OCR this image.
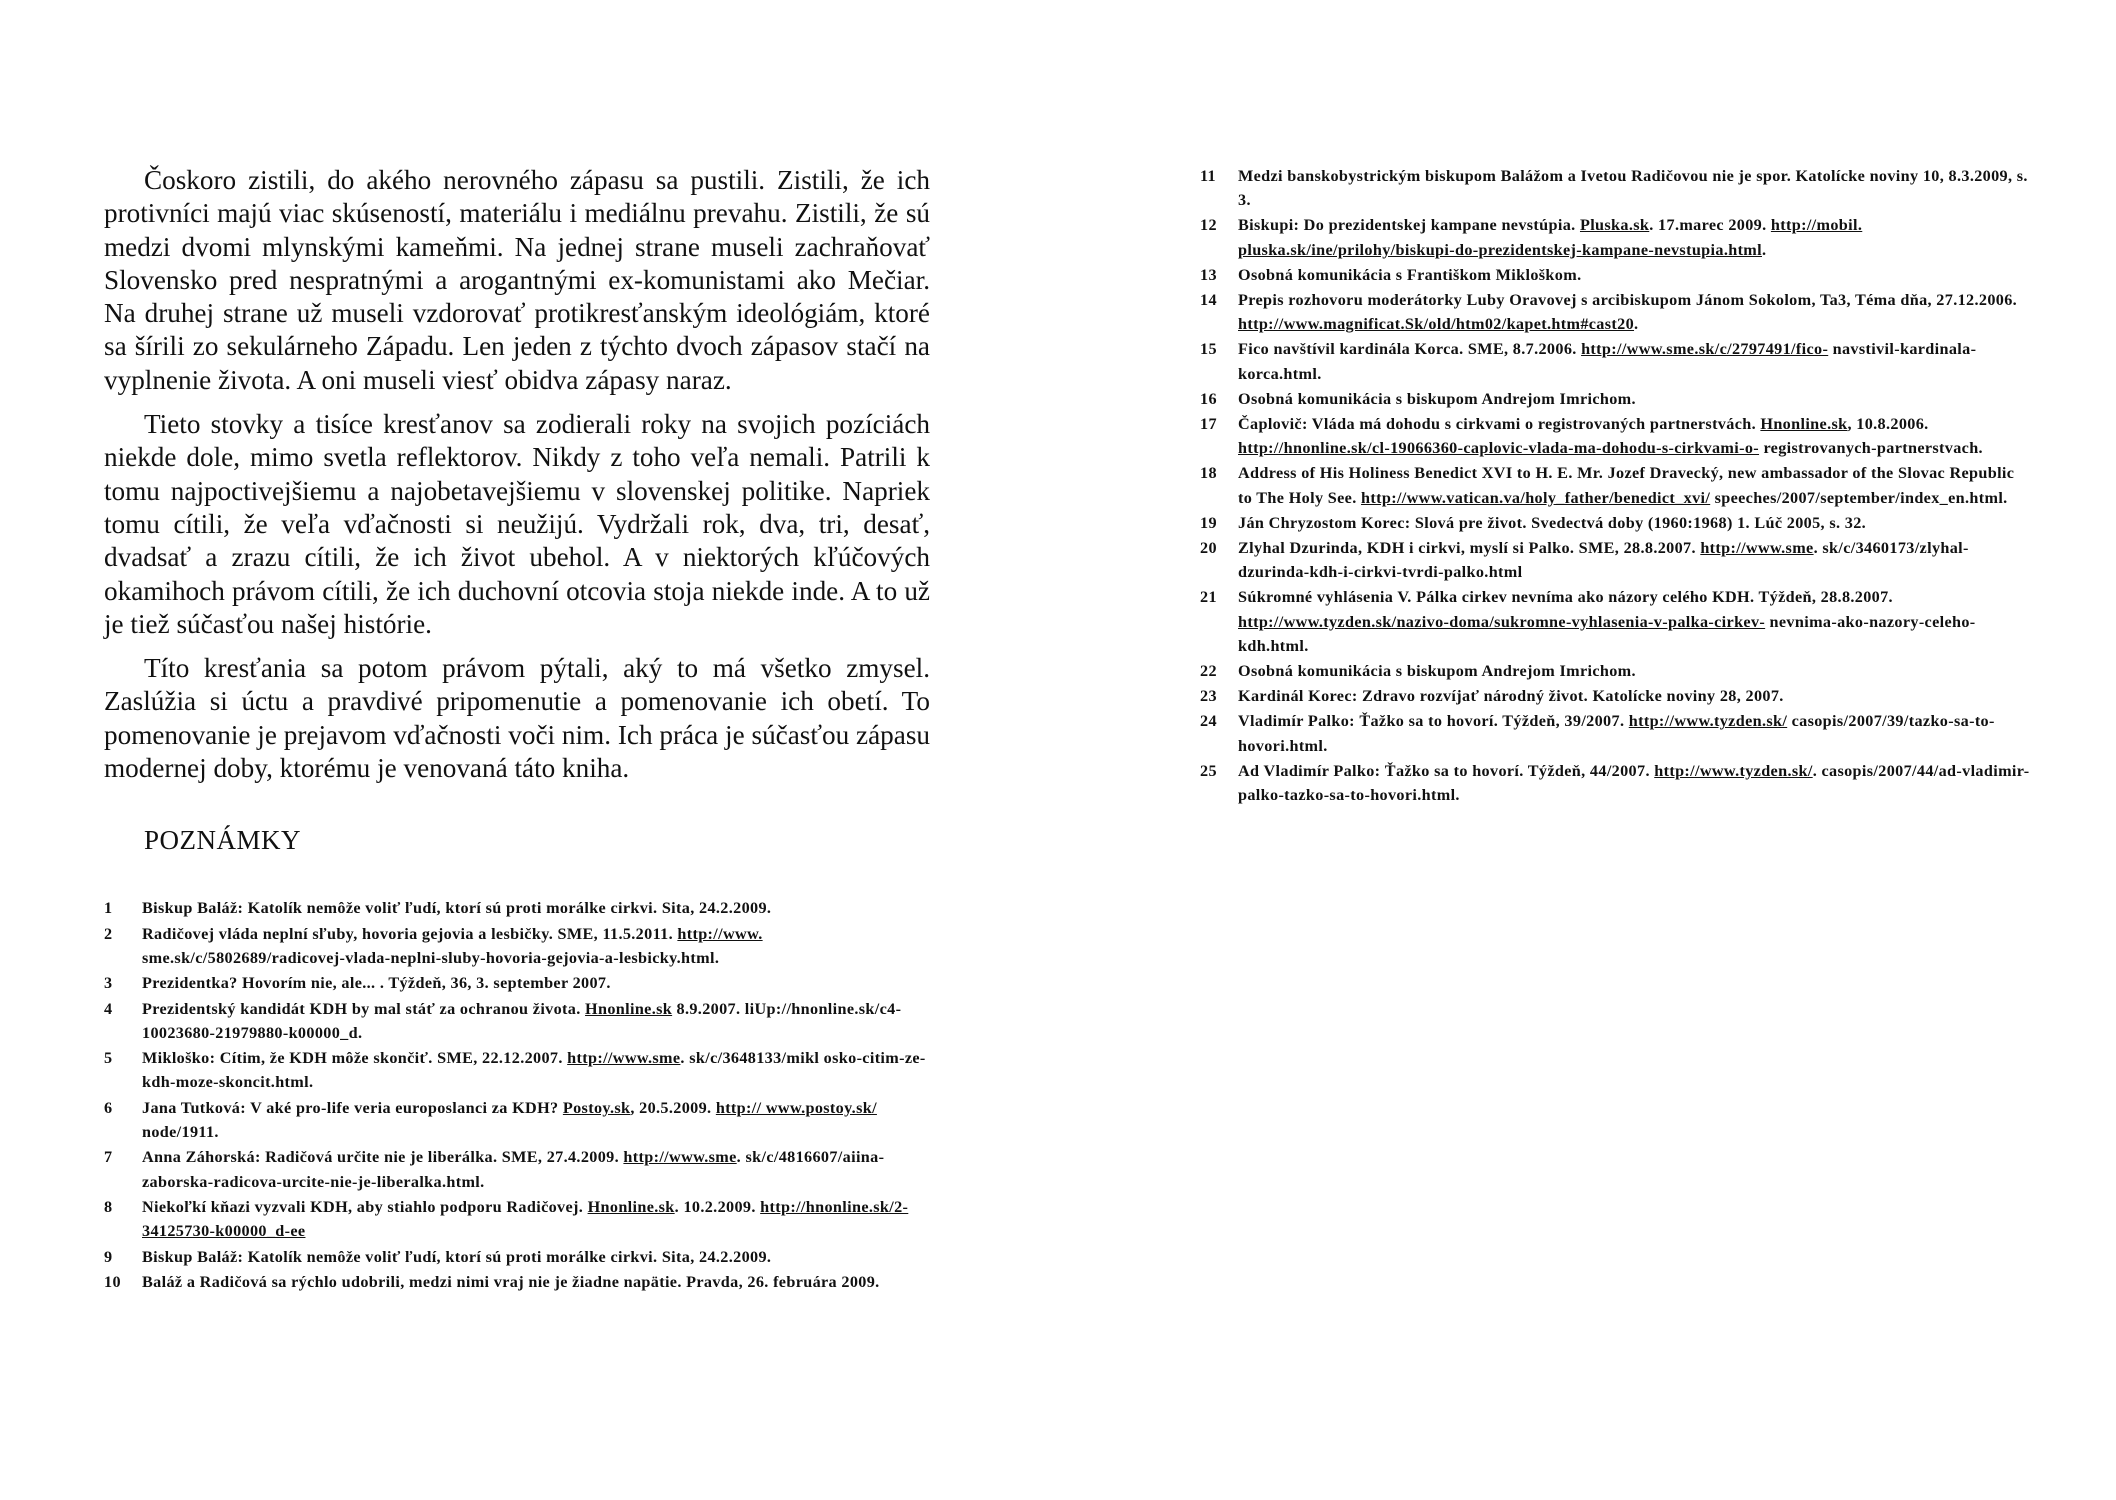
Čoskoro zistili, do akého nerovného zápasu sa pustili. Zistili, že ich protivníci majú viac skúseností, materiálu i mediálnu prevahu. Zistili, že sú medzi dvomi mlynskými kameňmi. Na jednej strane museli zachraňovať Slovensko pred nespratnými a arogantnými ex-komunistami ako Mečiar. Na druhej strane už museli vzdorovať protikresťanským ideológiám, ktoré sa šírili zo sekulárneho Západu. Len jeden z týchto dvoch zápasov stačí na vyplnenie života. A oni museli viesť obidva zápasy naraz.

Tieto stovky a tisíce kresťanov sa zodierali roky na svojich pozíciách niekde dole, mimo svetla reflektorov. Nikdy z toho veľa nemali. Patrili k tomu najpoctivejšiemu a najobetavejšiemu v slovenskej politike. Napriek tomu cítili, že veľa vďačnosti si neužijú. Vydržali rok, dva, tri, desať, dvadsať a zrazu cítili, že ich život ubehol. A v niektorých kľúčových okamihoch právom cítili, že ich duchovní otcovia stoja niekde inde. A to už je tiež súčasťou našej histórie.

Títo kresťania sa potom právom pýtali, aký to má všetko zmysel. Zaslúžia si úctu a pravdivé pripomenutie a pomenovanie ich obetí. To pomenovanie je prejavom vďačnosti voči nim. Ich práca je súčasťou zápasu modernej doby, ktorému je venovaná táto kniha.

POZNÁMKY
1	Biskup Baláž: Katolík nemôže voliť ľudí, ktorí sú proti morálke cirkvi. Sita, 24.2.2009.
2	Radičovej vláda neplní sľuby, hovoria gejovia a lesbičky. SME, 11.5.2011. http://www. sme.sk/c/5802689/radicovej-vlada-neplni-sluby-hovoria-gejovia-a-lesbicky.html.
3	Prezidentka? Hovorím nie, ale... . Týždeň, 36, 3. september 2007.
4	Prezidentský kandidát KDH by mal stáť za ochranou života. Hnonline.sk 8.9.2007. liUp://hnonline.sk/c4-10023680-21979880-k00000_d.
5	Mikloško: Cítim, že KDH môže skončiť. SME, 22.12.2007. http://www.sme. sk/c/3648133/mikl osko-citim-ze-kdh-moze-skoncit.html.
6	Jana Tutková: V aké pro-life veria europoslanci za KDH? Postoy.sk, 20.5.2009. http:// www.postoy.sk/ node/1911.
7	Anna Záhorská: Radičová určite nie je liberálka. SME, 27.4.2009. http://www.sme. sk/c/4816607/aiina-zaborska-radicova-urcite-nie-je-liberalka.html.
8	Niekoľkí kňazi vyzvali KDH, aby stiahlo podporu Radičovej. Hnonline.sk. 10.2.2009. http://hnonline.sk/2-34125730-k00000_d-ee
9	Biskup Baláž: Katolík nemôže voliť ľudí, ktorí sú proti morálke cirkvi. Sita, 24.2.2009.
10	Baláž a Radičová sa rýchlo udobrili, medzi nimi vraj nie je žiadne napätie. Pravda, 26. februára 2009.
11	Medzi banskobystrickým biskupom Balážom a Ivetou Radičovou nie je spor. Katolícke noviny 10, 8.3.2009, s. 3.
12	Biskupi: Do prezidentskej kampane nevstúpia. Pluska.sk. 17.marec 2009. http://mobil. pluska.sk/ine/prilohy/biskupi-do-prezidentskej-kampane-nevstupia.html.
13	Osobná komunikácia s Františkom Mikloškom.
14	Prepis rozhovoru moderátorky Luby Oravovej s arcibiskupom Jánom Sokolom, Ta3, Téma dňa, 27.12.2006. http://www.magnificat.Sk/old/htm02/kapet.htm#cast20.
15	Fico navštívil kardinála Korca. SME, 8.7.2006. http://www.sme.sk/c/2797491/fico- navstivil-kardinala-korca.html.
16	Osobná komunikácia s biskupom Andrejom Imrichom.
17	Čaplovič: Vláda má dohodu s cirkvami o registrovaných partnerstvách. Hnonline.sk, 10.8.2006. http://hnonline.sk/cl-19066360-caplovic-vlada-ma-dohodu-s-cirkvami-o- registrovanych-partnerstvach.
18	Address of His Holiness Benedict XVI to H. E. Mr. Jozef Dravecký, new ambassador of the Slovac Republic to The Holy See. http://www.vatican.va/holy_father/benedict_xvi/ speeches/2007/september/index_en.html.
19	Ján Chryzostom Korec: Slová pre život. Svedectvá doby (1960:1968) 1. Lúč 2005, s. 32.
20	Zlyhal Dzurinda, KDH i cirkvi, myslí si Palko. SME, 28.8.2007. http://www.sme. sk/c/3460173/zlyhal-dzurinda-kdh-i-cirkvi-tvrdi-palko.html
21	Súkromné vyhlásenia V. Pálka cirkev nevníma ako názory celého KDH. Týždeň, 28.8.2007. http://www.tyzden.sk/nazivo-doma/sukromne-vyhlasenia-v-palka-cirkev- nevnima-ako-nazory-celeho-kdh.html.
22	Osobná komunikácia s biskupom Andrejom Imrichom.
23	Kardinál Korec: Zdravo rozvíjať národný život. Katolícke noviny 28, 2007.
24	Vladimír Palko: Ťažko sa to hovorí. Týždeň, 39/2007. http://www.tyzden.sk/ casopis/2007/39/tazko-sa-to-hovori.html.
25	Ad Vladimír Palko: Ťažko sa to hovorí. Týždeň, 44/2007. http://www.tyzden.sk/. casopis/2007/44/ad-vladimir-palko-tazko-sa-to-hovori.html.
